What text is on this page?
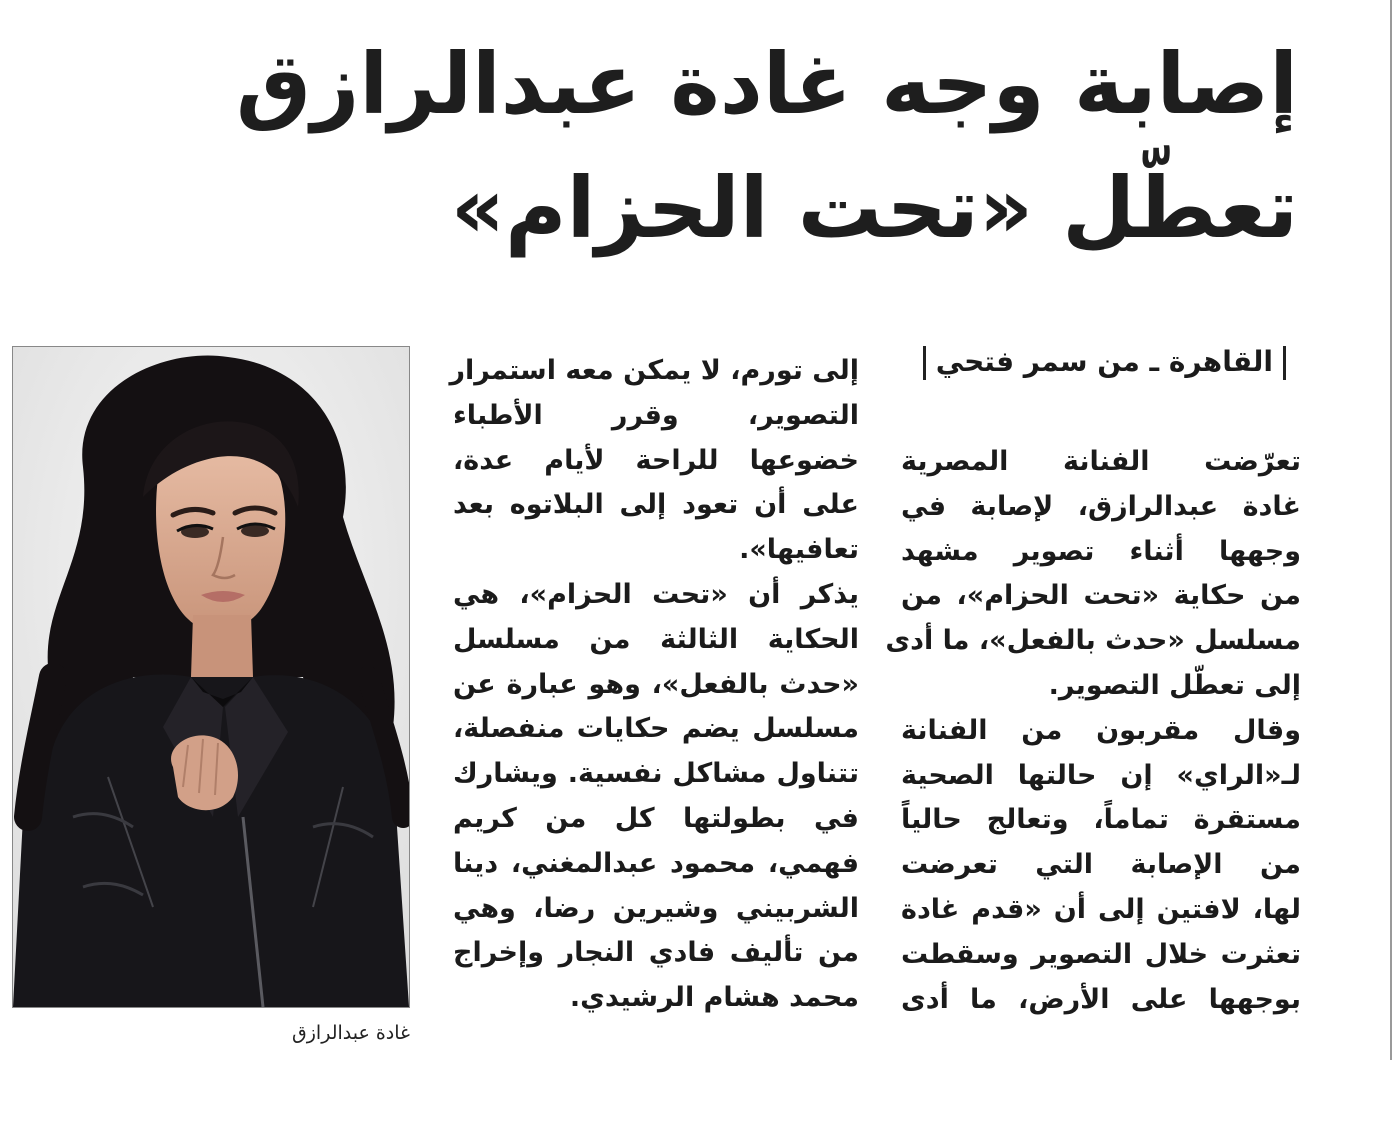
إصابة وجه غادة عبدالرازق
تعطّل «تحت الحزام»
القاهرة ـ من سمر فتحي

تعرّضت الفنانة المصرية

غادة عبدالرازق، لإصابة في

وجهها أثناء تصوير مشهد

من حكاية «تحت الحزام»، من

مسلسل «حدث بالفعل»، ما أدى

إلى تعطّل التصوير.

وقال مقربون من الفنانة

لـ«الراي» إن حالتها الصحية

مستقرة تماماً، وتعالج حالياً

من الإصابة التي تعرضت

لها، لافتين إلى أن «قدم غادة

تعثرت خلال التصوير وسقطت

بوجهها على الأرض، ما أدى

إلى تورم، لا يمكن معه استمرار

التصوير، وقرر الأطباء

خضوعها للراحة لأيام عدة،

على أن تعود إلى البلاتوه بعد

تعافيها».

يذكر أن «تحت الحزام»، هي

الحكاية الثالثة من مسلسل

«حدث بالفعل»، وهو عبارة عن

مسلسل يضم حكايات منفصلة،

تتناول مشاكل نفسية. ويشارك

في بطولتها كل من كريم

فهمي، محمود عبدالمغني، دينا

الشربيني وشيرين رضا، وهي

من تأليف فادي النجار وإخراج

محمد هشام الرشيدي.

غادة عبدالرازق
